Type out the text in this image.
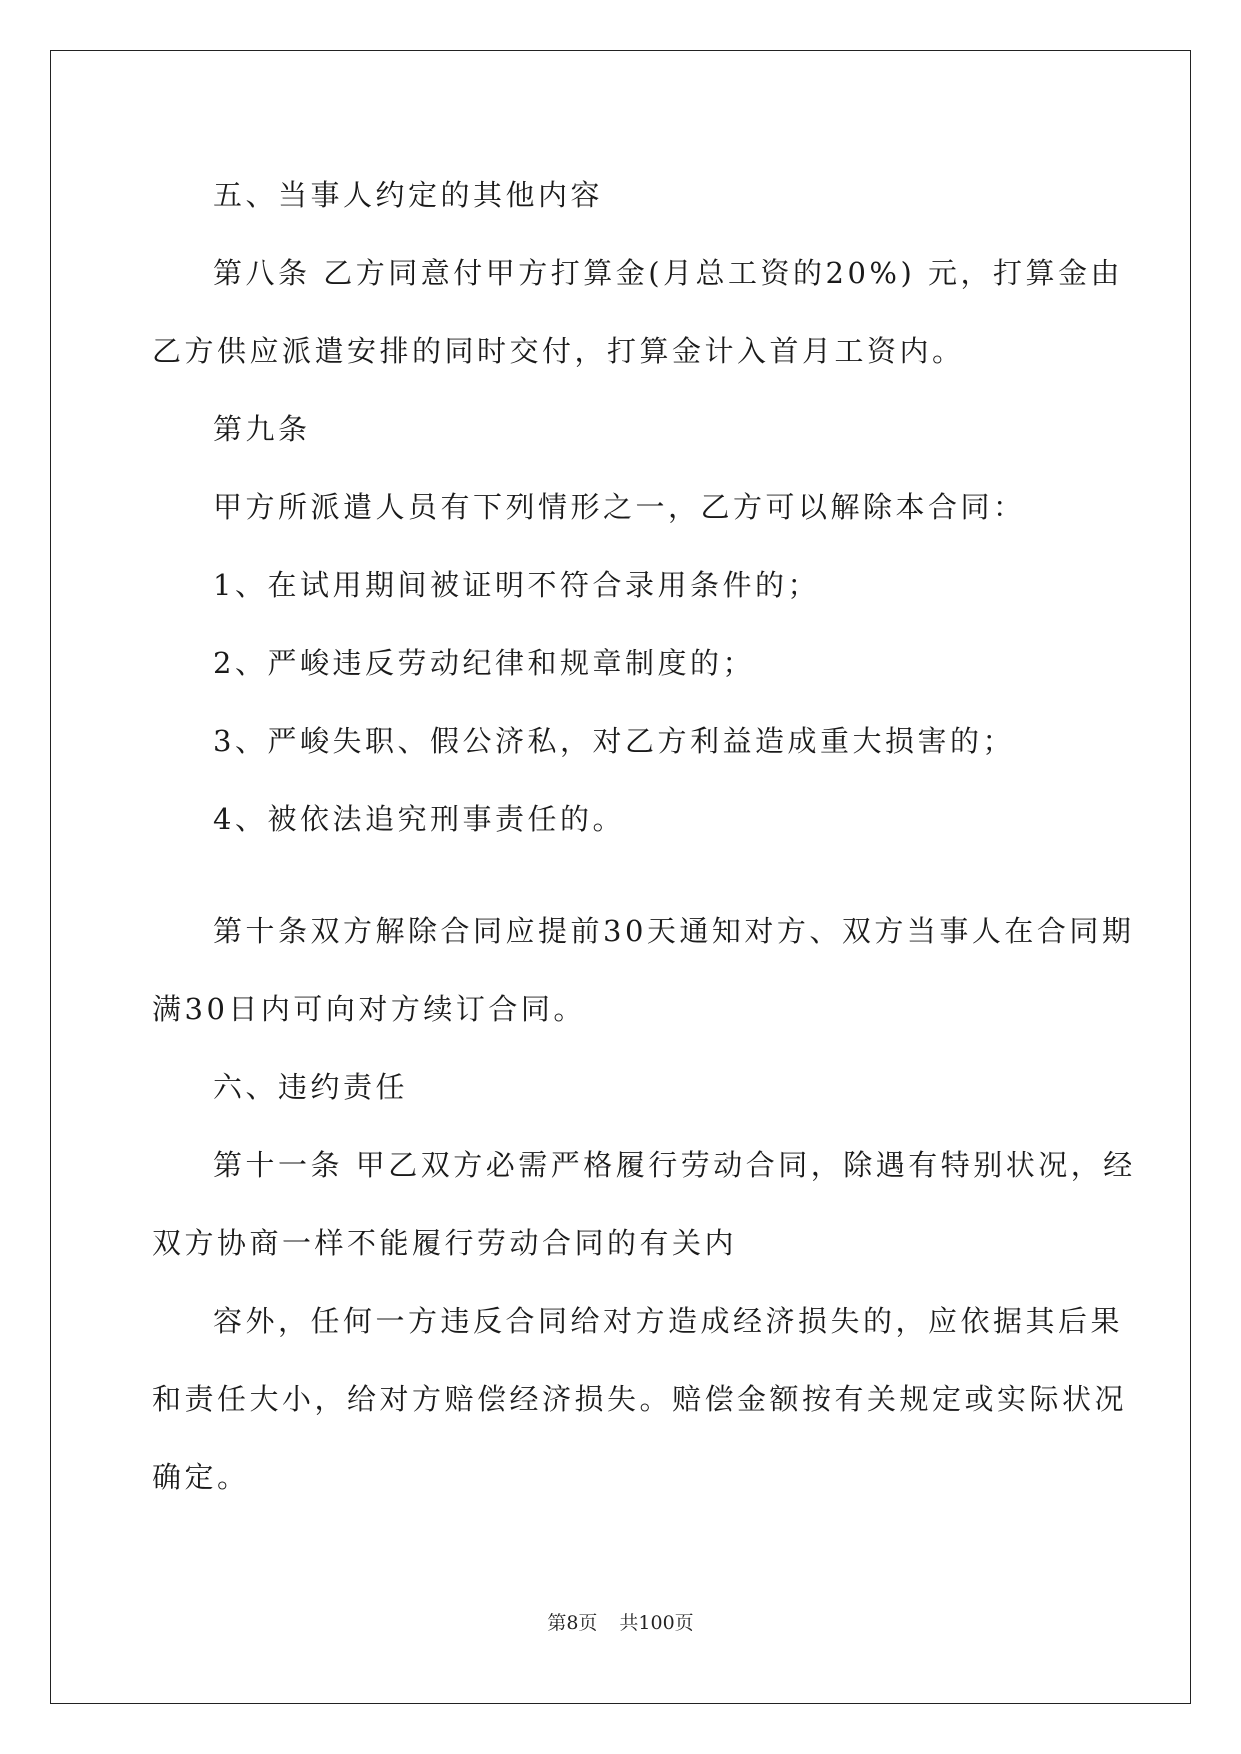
五、当事人约定的其他内容
第八条 乙方同意付甲方打算金(月总工资的20%) 元，打算金由
乙方供应派遣安排的同时交付，打算金计入首月工资内。
第九条
甲方所派遣人员有下列情形之一，乙方可以解除本合同：
1、在试用期间被证明不符合录用条件的；
2、严峻违反劳动纪律和规章制度的；
3、严峻失职、假公济私，对乙方利益造成重大损害的；
4、被依法追究刑事责任的。
第十条双方解除合同应提前30天通知对方、双方当事人在合同期
满30日内可向对方续订合同。
六、违约责任
第十一条 甲乙双方必需严格履行劳动合同，除遇有特别状况，经
双方协商一样不能履行劳动合同的有关内
容外，任何一方违反合同给对方造成经济损失的，应依据其后果
和责任大小，给对方赔偿经济损失。赔偿金额按有关规定或实际状况
确定。
第8页 共100页
